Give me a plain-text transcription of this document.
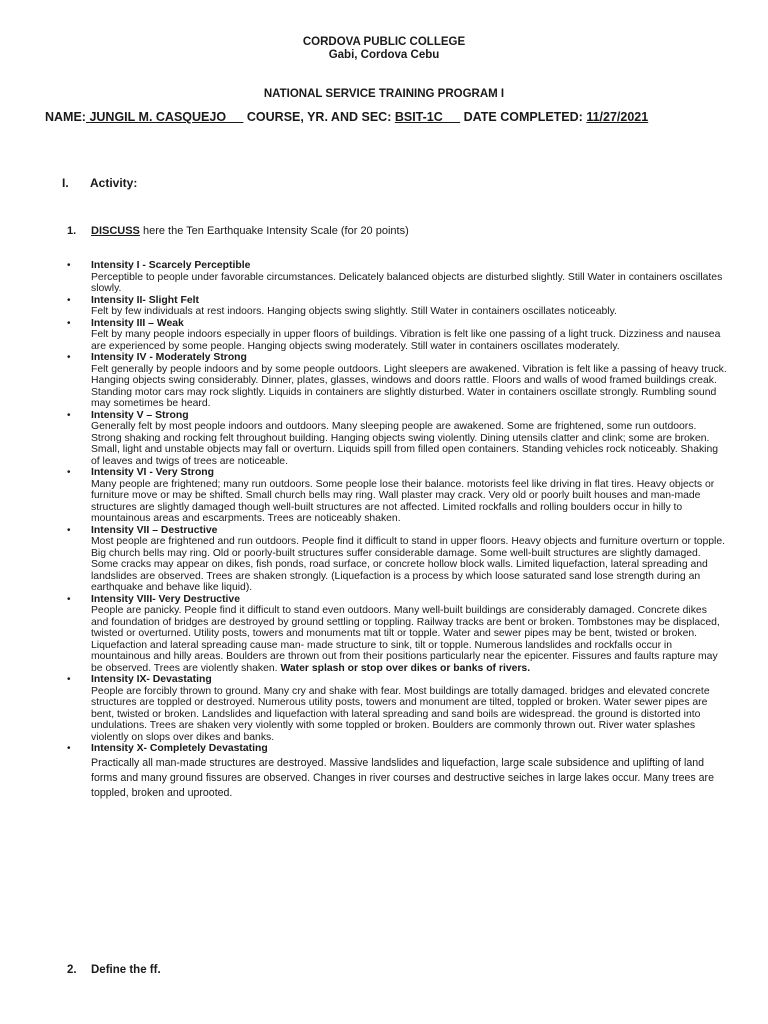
CORDOVA PUBLIC COLLEGE
Gabi, Cordova Cebu
NATIONAL SERVICE TRAINING PROGRAM I
NAME: JUNGIL M. CASQUEJO      COURSE, YR. AND SEC: BSIT-1C      DATE COMPLETED: 11/27/2021
I. Activity:
1. DISCUSS here the Ten Earthquake Intensity Scale (for 20 points)
• Intensity I - Scarcely Perceptible
Perceptible to people under favorable circumstances. Delicately balanced objects are disturbed slightly. Still Water in containers oscillates slowly.
• Intensity II- Slight Felt
Felt by few individuals at rest indoors. Hanging objects swing slightly. Still Water in containers oscillates noticeably.
• Intensity III – Weak
Felt by many people indoors especially in upper floors of buildings. Vibration is felt like one passing of a light truck. Dizziness and nausea are experienced by some people. Hanging objects swing moderately. Still water in containers oscillates moderately.
• Intensity IV - Moderately Strong
Felt generally by people indoors and by some people outdoors. Light sleepers are awakened. Vibration is felt like a passing of heavy truck. Hanging objects swing considerably. Dinner, plates, glasses, windows and doors rattle. Floors and walls of wood framed buildings creak. Standing motor cars may rock slightly. Liquids in containers are slightly disturbed. Water in containers oscillate strongly. Rumbling sound may sometimes be heard.
• Intensity V – Strong
Generally felt by most people indoors and outdoors. Many sleeping people are awakened. Some are frightened, some run outdoors. Strong shaking and rocking felt throughout building. Hanging objects swing violently. Dining utensils clatter and clink; some are broken. Small, light and unstable objects may fall or overturn. Liquids spill from filled open containers. Standing vehicles rock noticeably. Shaking of leaves and twigs of trees are noticeable.
• Intensity VI - Very Strong
Many people are frightened; many run outdoors. Some people lose their balance. motorists feel like driving in flat tires. Heavy objects or furniture move or may be shifted. Small church bells may ring. Wall plaster may crack. Very old or poorly built houses and man-made structures are slightly damaged though well-built structures are not affected. Limited rockfalls and rolling boulders occur in hilly to mountainous areas and escarpments. Trees are noticeably shaken.
• Intensity VII – Destructive
Most people are frightened and run outdoors. People find it difficult to stand in upper floors. Heavy objects and furniture overturn or topple. Big church bells may ring. Old or poorly-built structures suffer considerable damage. Some well-built structures are slightly damaged. Some cracks may appear on dikes, fish ponds, road surface, or concrete hollow block walls. Limited liquefaction, lateral spreading and landslides are observed. Trees are shaken strongly. (Liquefaction is a process by which loose saturated sand lose strength during an earthquake and behave like liquid).
• Intensity VIII- Very Destructive
People are panicky. People find it difficult to stand even outdoors. Many well-built buildings are considerably damaged. Concrete dikes and foundation of bridges are destroyed by ground settling or toppling. Railway tracks are bent or broken. Tombstones may be displaced, twisted or overturned. Utility posts, towers and monuments mat tilt or topple. Water and sewer pipes may be bent, twisted or broken. Liquefaction and lateral spreading cause man- made structure to sink, tilt or topple. Numerous landslides and rockfalls occur in mountainous and hilly areas. Boulders are thrown out from their positions particularly near the epicenter. Fissures and faults rapture may be observed. Trees are violently shaken. Water splash or stop over dikes or banks of rivers.
• Intensity IX- Devastating
People are forcibly thrown to ground. Many cry and shake with fear. Most buildings are totally damaged. bridges and elevated concrete structures are toppled or destroyed. Numerous utility posts, towers and monument are tilted, toppled or broken. Water sewer pipes are bent, twisted or broken. Landslides and liquefaction with lateral spreading and sand boils are widespread. the ground is distorted into undulations. Trees are shaken very violently with some toppled or broken. Boulders are commonly thrown out. River water splashes violently on slops over dikes and banks.
• Intensity X- Completely Devastating
Practically all man-made structures are destroyed. Massive landslides and liquefaction, large scale subsidence and uplifting of land forms and many ground fissures are observed. Changes in river courses and destructive seiches in large lakes occur. Many trees are toppled, broken and uprooted.
2. Define the ff.
